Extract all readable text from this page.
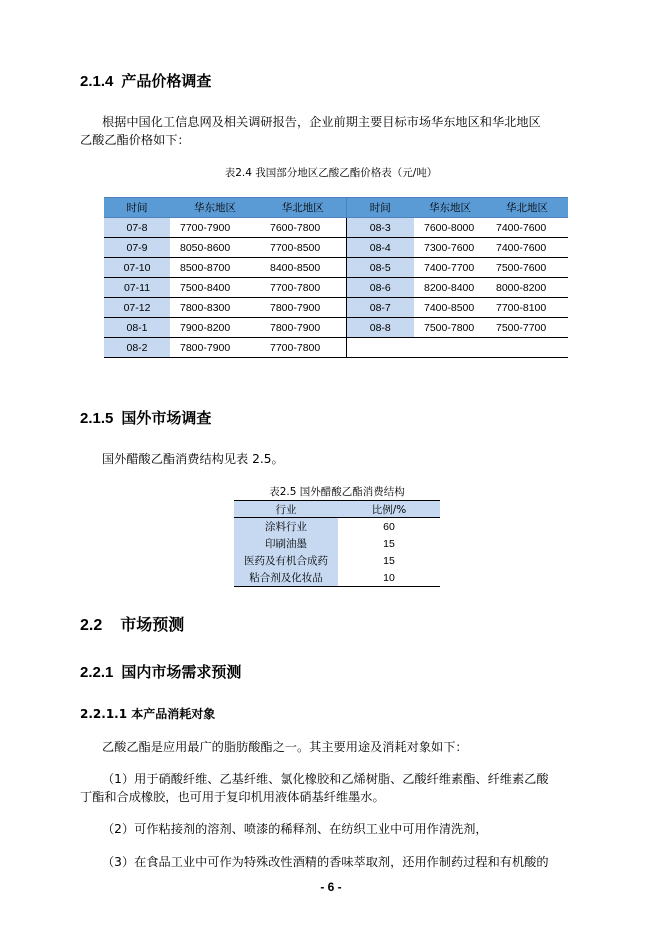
2.1.4 产品价格调查
根据中国化工信息网及相关调研报告，企业前期主要目标市场华东地区和华北地区
乙酸乙酯价格如下：
表2.4 我国部分地区乙酸乙酯价格表（元/吨）
时间	华东地区	华北地区	时间	华东地区	华北地区
07-8	7700-7900	7600-7800	08-3	7600-8000	7400-7600
07-9	8050-8600	7700-8500	08-4	7300-7600	7400-7600
07-10	8500-8700	8400-8500	08-5	7400-7700	7500-7600
07-11	7500-8400	7700-7800	08-6	8200-8400	8000-8200
07-12	7800-8300	7800-7900	08-7	7400-8500	7700-8100
08-1	7900-8200	7800-7900	08-8	7500-7800	7500-7700
08-2	7800-7900	7700-7800			
2.1.5 国外市场调查
国外醋酸乙酯消费结构见表 2.5。
表2.5 国外醋酸乙酯消费结构
行业	比例/%
涂料行业	60
印刷油墨	15
医药及有机合成药	15
粘合剂及化妆品	10
2.2 市场预测
2.2.1 国内市场需求预测
2.2.1.1 本产品消耗对象
乙酸乙酯是应用最广的脂肪酸酯之一。其主要用途及消耗对象如下：
（1）用于硝酸纤维、乙基纤维、氯化橡胶和乙烯树脂、乙酸纤维素酯、纤维素乙酸
丁酯和合成橡胶，也可用于复印机用液体硝基纤维墨水。
（2）可作粘接剂的溶剂、喷漆的稀释剂、在纺织工业中可用作清洗剂，
（3）在食品工业中可作为特殊改性酒精的香味萃取剂，还用作制药过程和有机酸的
- 6 -
